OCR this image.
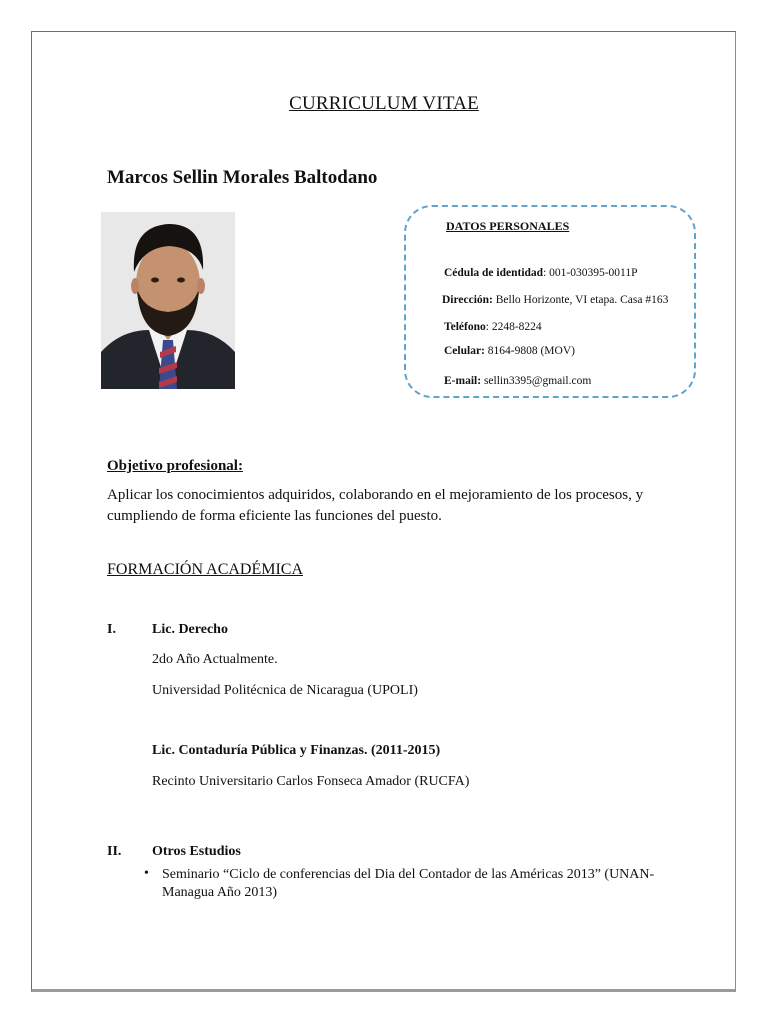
CURRICULUM VITAE
Marcos Sellin Morales Baltodano
DATOS PERSONALES
Cédula de identidad: 001-030395-0011P
Dirección: Bello Horizonte, VI etapa. Casa #163
Teléfono: 2248-8224
Celular: 8164-9808 (MOV)
E-mail: sellin3395@gmail.com
Objetivo profesional:
Aplicar los conocimientos adquiridos, colaborando en el mejoramiento de los procesos, y cumpliendo de forma eficiente las funciones del puesto.
FORMACIÓN ACADÉMICA
I.	Lic. Derecho
2do Año Actualmente.
Universidad Politécnica de Nicaragua (UPOLI)
Lic. Contaduría Pública y Finanzas. (2011-2015)
Recinto Universitario Carlos Fonseca Amador (RUCFA)
II. Otros Estudios
• Seminario “Ciclo de conferencias del Dia del Contador de las Américas 2013” (UNAN-Managua Año 2013)
